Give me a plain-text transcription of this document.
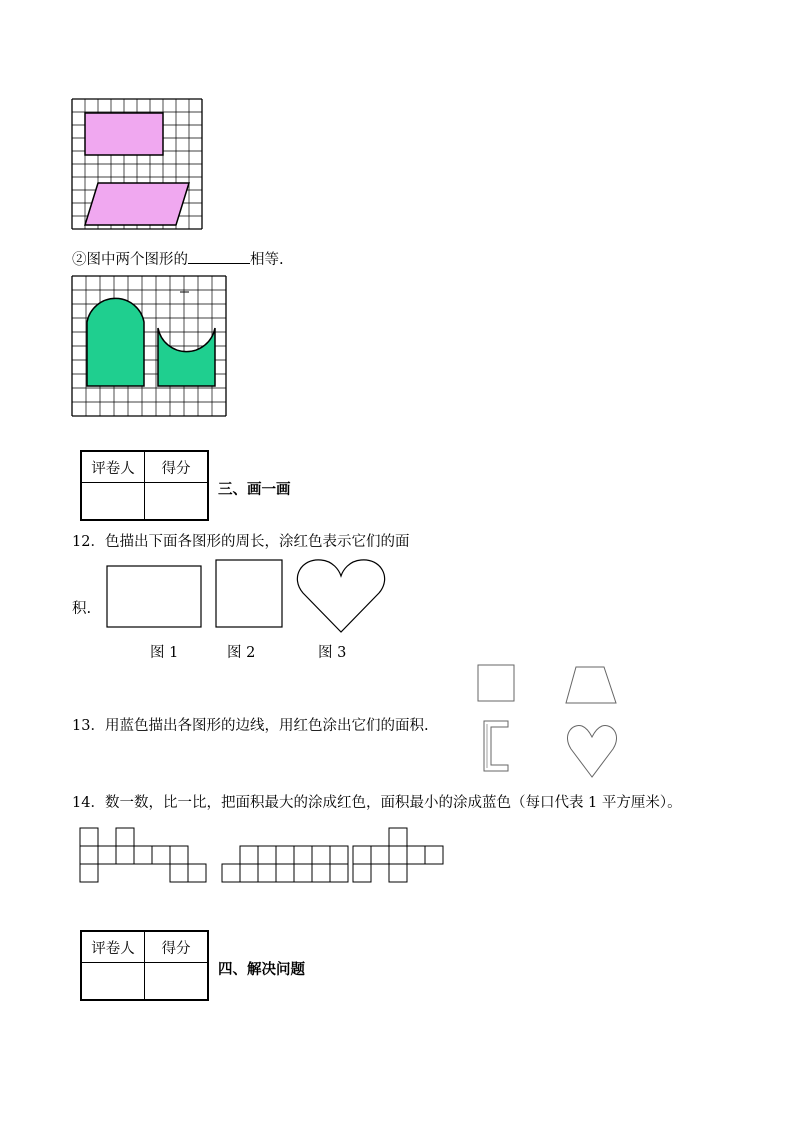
②图中两个图形的	相等.
评卷人	得分

三、画一画
12．色描出下面各图形的周长，涂红色表示它们的面
积.
图 1	图 2	图 3
13．用蓝色描出各图形的边线，用红色涂出它们的面积.
14．数一数，比一比，把面积最大的涂成红色，面积最小的涂成蓝色（每口代表 1 平方厘米）。
评卷人	得分

四、解决问题
